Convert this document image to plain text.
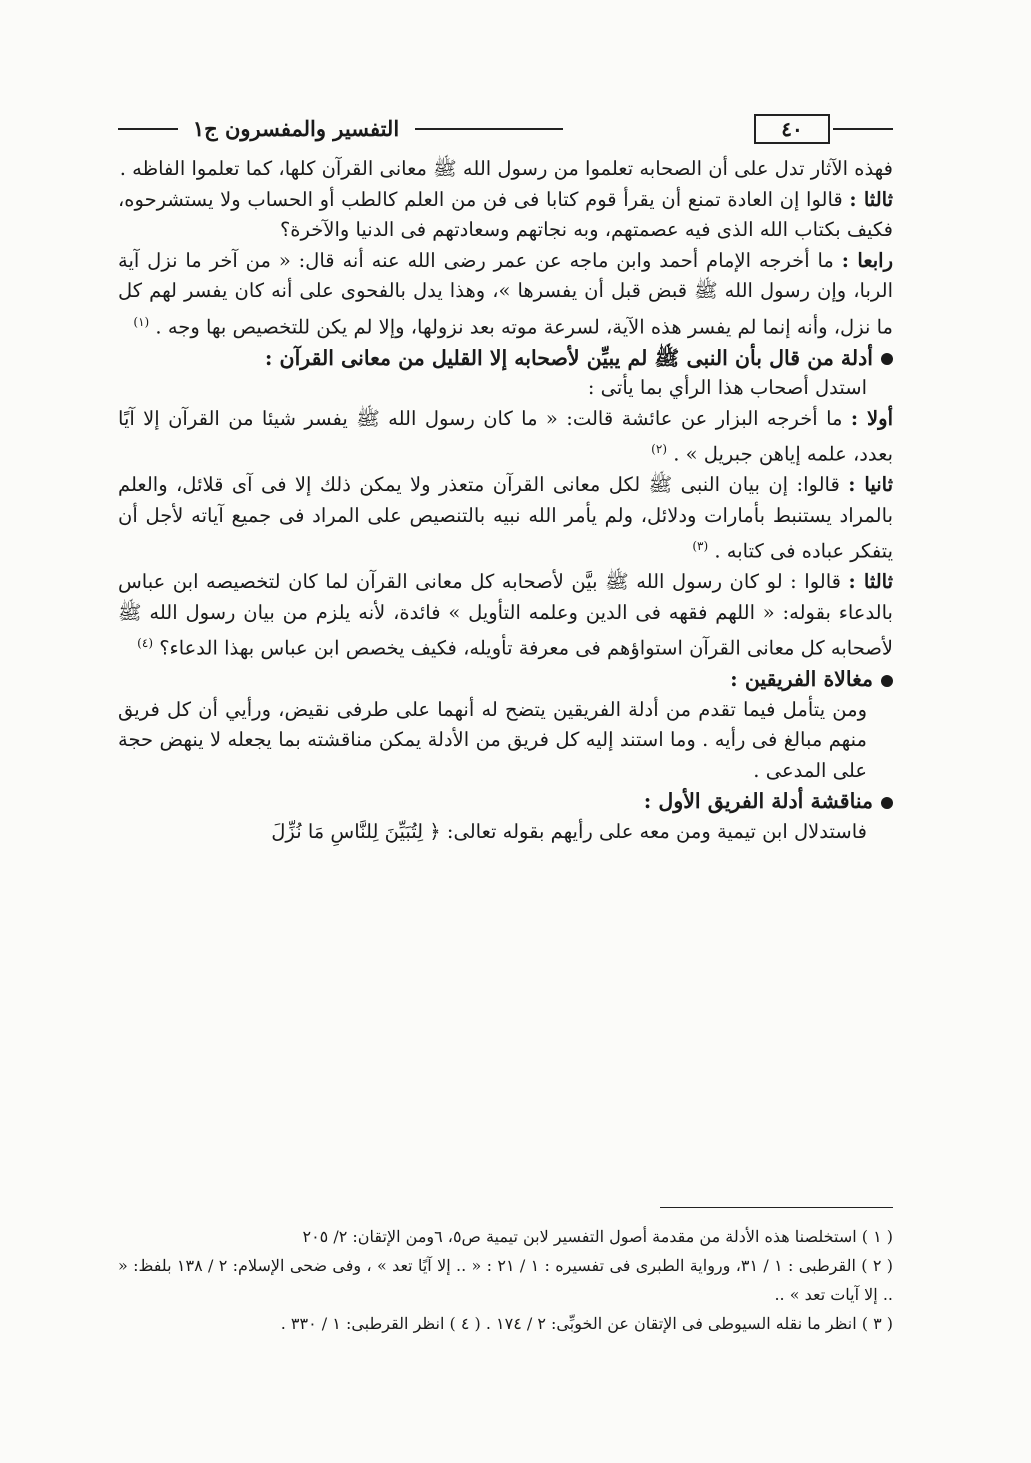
التفسير والمفسرون ج١	٤٠

فهذه الآثار تدل على أن الصحابه تعلموا من رسول الله ﷺ معانى القرآن كلها، كما تعلموا الفاظه .

ثالثا : قالوا إن العادة تمنع أن يقرأ قوم كتابا فى فن من العلم كالطب أو الحساب ولا يستشرحوه، فكيف بكتاب الله الذى فيه عصمتهم، وبه نجاتهم وسعادتهم فى الدنيا والآخرة؟

رابعا : ما أخرجه الإمام أحمد وابن ماجه عن عمر رضى الله عنه أنه قال: « من آخر ما نزل آية الربا، وإن رسول الله ﷺ قبض قبل أن يفسرها »، وهذا يدل بالفحوى على أنه كان يفسر لهم كل ما نزل، وأنه إنما لم يفسر هذه الآية، لسرعة موته بعد نزولها، وإلا لم يكن للتخصيص بها وجه . $^{(١)}$

أدلة من قال بأن النبى ﷺ لم يبيِّن لأصحابه إلا القليل من معانى القرآن :

استدل أصحاب هذا الرأي بما يأتى :

أولا : ما أخرجه البزار عن عائشة قالت: « ما كان رسول الله ﷺ يفسر شيئا من القرآن إلا آيًا بعدد، علمه إياهن جبريل » . $^{(٢)}$

ثانيا : قالوا: إن بيان النبى ﷺ لكل معانى القرآن متعذر ولا يمكن ذلك إلا فى آى قلائل، والعلم بالمراد يستنبط بأمارات ودلائل، ولم يأمر الله نبيه بالتنصيص على المراد فى جميع آياته لأجل أن يتفكر عباده فى كتابه . $^{(٣)}$

ثالثا : قالوا : لو كان رسول الله ﷺ بيَّن لأصحابه كل معانى القرآن لما كان لتخصيصه ابن عباس بالدعاء بقوله: « اللهم فقهه فى الدين وعلمه التأويل » فائدة، لأنه يلزم من بيان رسول الله ﷺ لأصحابه كل معانى القرآن استواؤهم فى معرفة تأويله، فكيف يخصص ابن عباس بهذا الدعاء؟ $^{(٤)}$

مغالاة الفريقين :

ومن يتأمل فيما تقدم من أدلة الفريقين يتضح له أنهما على طرفى نقيض، ورأيي أن كل فريق منهم مبالغ فى رأيه . وما استند إليه كل فريق من الأدلة يمكن مناقشته بما يجعله لا ينهض حجة على المدعى .

مناقشة أدلة الفريق الأول :

فاستدلال ابن تيمية ومن معه على رأيهم بقوله تعالى: ﴿ لِتُبَيِّنَ لِلنَّاسِ مَا نُزِّلَ

( ١ ) استخلصنا هذه الأدلة من مقدمة أصول التفسير لابن تيمية ص٥، ٦ومن الإتقان: ٢/ ٢٠٥

( ٢ ) القرطبى : ١ / ٣١، ورواية الطبرى فى تفسيره : ١ / ٢١ : « .. إلا آيًا تعد » ، وفى ضحى الإسلام: ٢ / ١٣٨ بلفظ: « .. إلا آيات تعد » ..

( ٣ ) انظر ما نقله السيوطى فى الإتقان عن الخوبِّى: ٢ / ١٧٤ . ( ٤ ) انظر القرطبى: ١ / ٣٣٠ .
